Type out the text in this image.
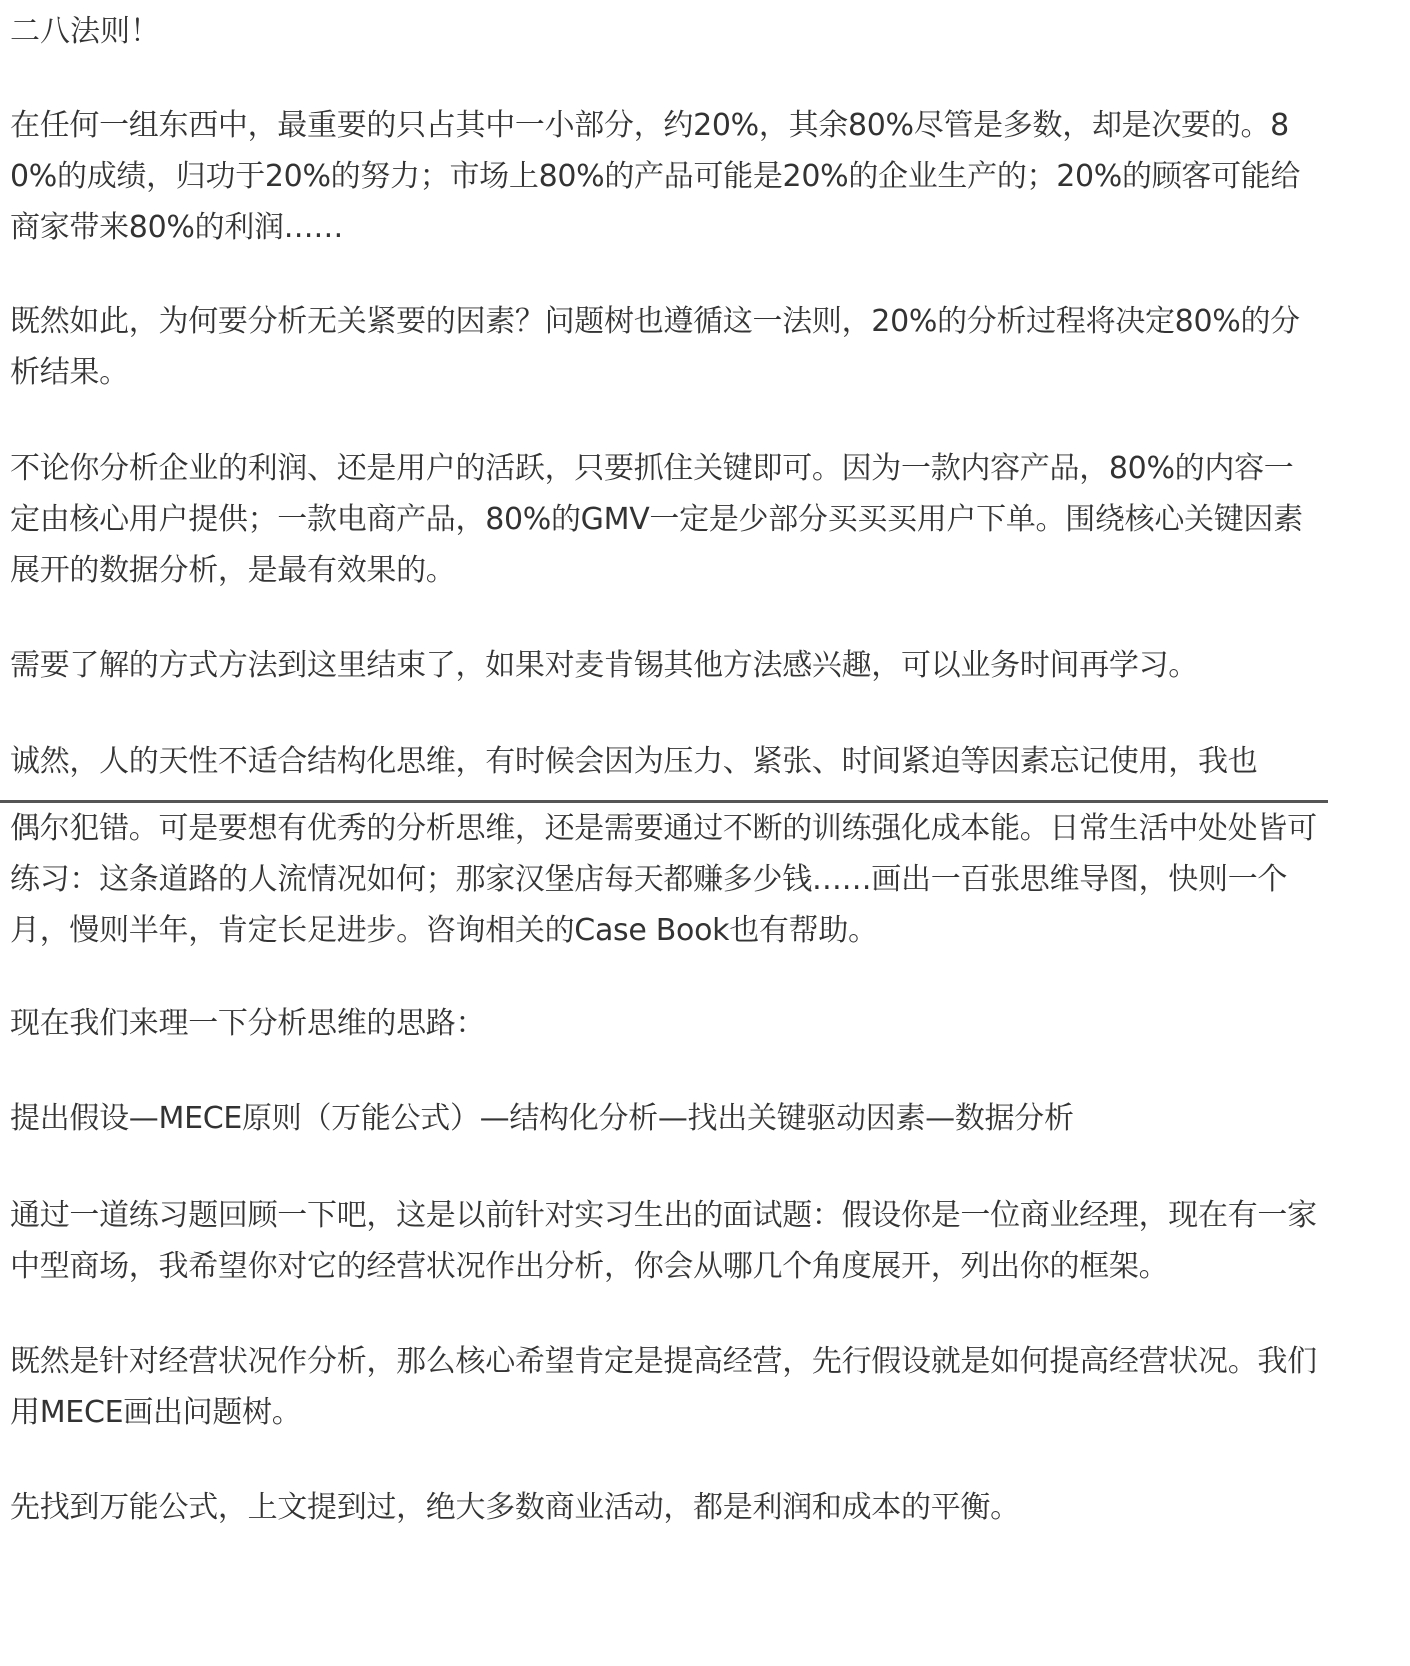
二八法则！

在任何一组东西中，最重要的只占其中一小部分，约20%，其余80%尽管是多数，却是次要的。80%的成绩，归功于20%的努力；市场上80%的产品可能是20%的企业生产的；20%的顾客可能给商家带来80%的利润……

既然如此，为何要分析无关紧要的因素？问题树也遵循这一法则，20%的分析过程将决定80%的分析结果。

不论你分析企业的利润、还是用户的活跃，只要抓住关键即可。因为一款内容产品，80%的内容一定由核心用户提供；一款电商产品，80%的GMV一定是少部分买买买用户下单。围绕核心关键因素展开的数据分析，是最有效果的。

需要了解的方式方法到这里结束了，如果对麦肯锡其他方法感兴趣，可以业务时间再学习。

诚然，人的天性不适合结构化思维，有时候会因为压力、紧张、时间紧迫等因素忘记使用，我也

偶尔犯错。可是要想有优秀的分析思维，还是需要通过不断的训练强化成本能。日常生活中处处皆可练习：这条道路的人流情况如何；那家汉堡店每天都赚多少钱……画出一百张思维导图，快则一个月，慢则半年，肯定长足进步。咨询相关的Case Book也有帮助。

现在我们来理一下分析思维的思路：

提出假设—MECE原则（万能公式）—结构化分析—找出关键驱动因素—数据分析

通过一道练习题回顾一下吧，这是以前针对实习生出的面试题：假设你是一位商业经理，现在有一家中型商场，我希望你对它的经营状况作出分析，你会从哪几个角度展开，列出你的框架。

既然是针对经营状况作分析，那么核心希望肯定是提高经营，先行假设就是如何提高经营状况。我们用MECE画出问题树。

先找到万能公式，上文提到过，绝大多数商业活动，都是利润和成本的平衡。
